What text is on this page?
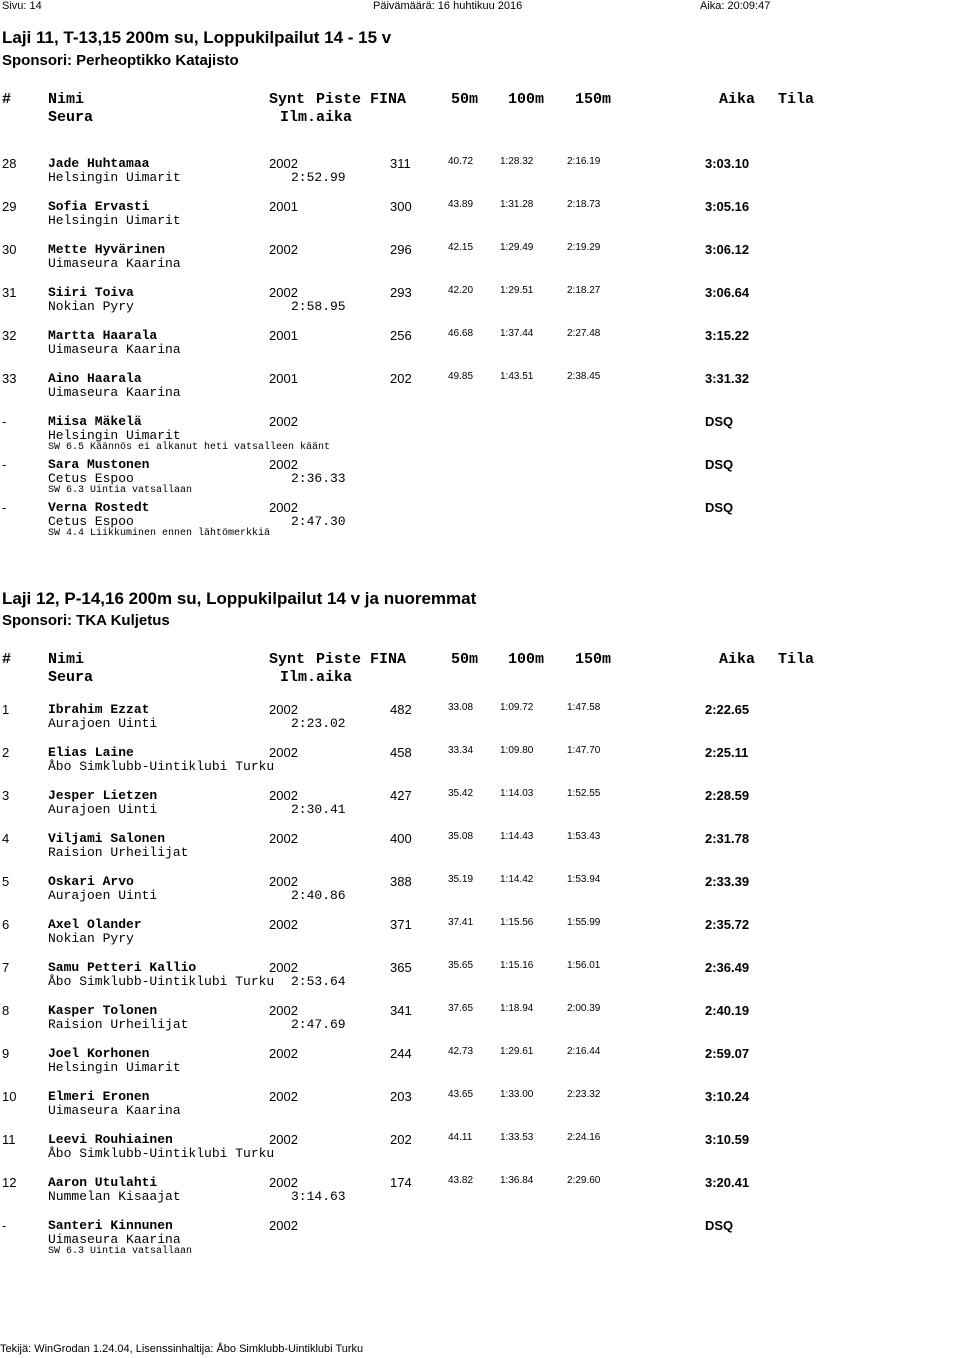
Sivu: 14	Päivämäärä: 16 huhtikuu 2016	Aika: 20:09:47
Laji 11, T-13,15 200m su, Loppukilpailut 14 - 15 v
Sponsori: Perheoptikko Katajisto
# Nimi	Synt Piste FINA	50m 100m 150m	Aika Tila
Seura	Ilm.aika
28 Jade Huhtamaa	2002	311	40.72	1:28.32	2:16.19	3:03.10
Helsingin Uimarit	2:52.99
29 Sofia Ervasti	2001	300	43.89	1:31.28	2:18.73	3:05.16
Helsingin Uimarit
30 Mette Hyvärinen	2002	296	42.15	1:29.49	2:19.29	3:06.12
Uimaseura Kaarina
31 Siiri Toiva	2002	293	42.20	1:29.51	2:18.27	3:06.64
Nokian Pyry	2:58.95
32 Martta Haarala	2001	256	46.68	1:37.44	2:27.48	3:15.22
Uimaseura Kaarina
33 Aino Haarala	2001	202	49.85	1:43.51	2:38.45	3:31.32
Uimaseura Kaarina
-	Miisa Mäkelä	2002	DSQ
Helsingin Uimarit
SW 6.5 Käännös ei alkanut heti vatsalleen käänt
-	Sara Mustonen	2002	DSQ
Cetus Espoo	2:36.33
SW 6.3 Uintia vatsallaan
-	Verna Rostedt	2002	DSQ
Cetus Espoo	2:47.30
SW 4.4 Liikkuminen ennen lähtömerkkiä
Laji 12, P-14,16 200m su, Loppukilpailut 14 v ja nuoremmat
Sponsori: TKA Kuljetus
# Nimi	Synt Piste FINA	50m 100m 150m	Aika Tila
Seura	Ilm.aika
1	Ibrahim Ezzat	2002	482	33.08	1:09.72	1:47.58	2:22.65
Aurajoen Uinti	2:23.02
2	Elias Laine	2002	458	33.34	1:09.80	1:47.70	2:25.11
Åbo Simklubb-Uintiklubi Turku
3	Jesper Lietzen	2002	427	35.42	1:14.03	1:52.55	2:28.59
Aurajoen Uinti	2:30.41
4	Viljami Salonen	2002	400	35.08	1:14.43	1:53.43	2:31.78
Raision Urheilijat
5	Oskari Arvo	2002	388	35.19	1:14.42	1:53.94	2:33.39
Aurajoen Uinti	2:40.86
6	Axel Olander	2002	371	37.41	1:15.56	1:55.99	2:35.72
Nokian Pyry
7	Samu Petteri Kallio	2002	365	35.65	1:15.16	1:56.01	2:36.49
Åbo Simklubb-Uintiklubi Turku 2:53.64
8	Kasper Tolonen	2002	341	37.65	1:18.94	2:00.39	2:40.19
Raision Urheilijat	2:47.69
9	Joel Korhonen	2002	244	42.73	1:29.61	2:16.44	2:59.07
Helsingin Uimarit
10 Elmeri Eronen	2002	203	43.65	1:33.00	2:23.32	3:10.24
Uimaseura Kaarina
11	Leevi Rouhiainen	2002	202	44.11	1:33.53	2:24.16	3:10.59
Åbo Simklubb-Uintiklubi Turku
12 Aaron Utulahti	2002	174	43.82	1:36.84	2:29.60	3:20.41
Nummelan Kisaajat	3:14.63
-	Santeri Kinnunen	2002	DSQ
Uimaseura Kaarina
SW 6.3 Uintia vatsallaan
Tekijä: WinGrodan 1.24.04, Lisenssinhaltija: Åbo Simklubb-Uintiklubi Turku
